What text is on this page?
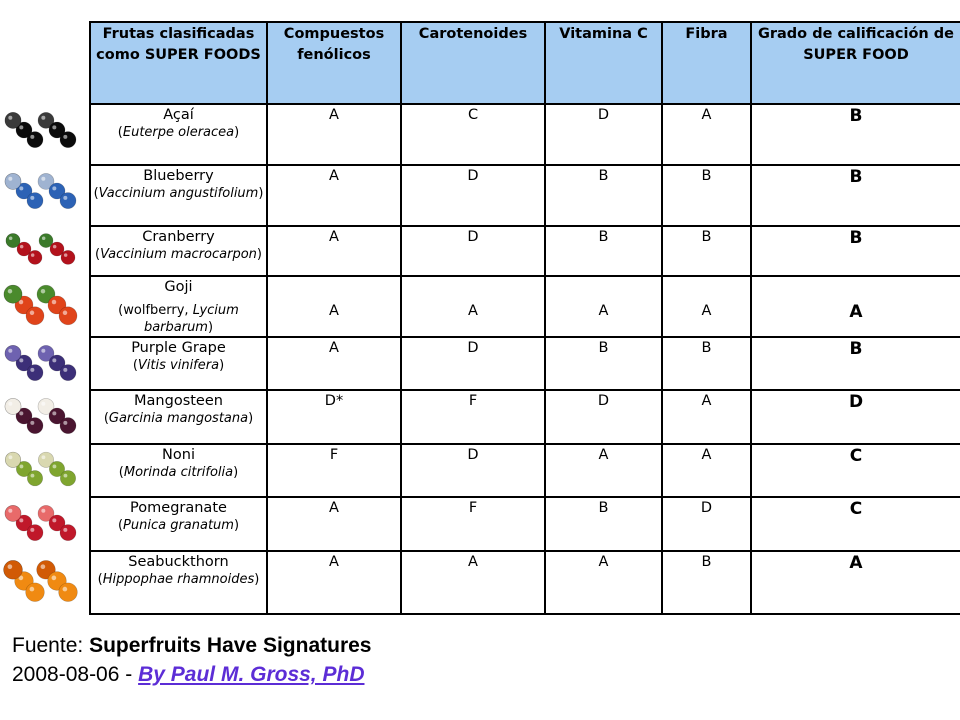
Frutas clasificadas como SUPER FOODS	Compuestos fenólicos	Carotenoides	Vitamina C	Fibra	Grado de calificación de SUPER FOOD

Açaí
(Euterpe oleracea)	A	C	D	A	B

Blueberry
(Vaccinium angustifolium)	A	D	B	B	B

Cranberry
(Vaccinium macrocarpon)	A	D	B	B	B

Goji
(wolfberry, Lycium barbarum)	A	A	A	A	A

Purple Grape
(Vitis vinifera)	A	D	B	B	B

Mangosteen
(Garcinia mangostana)	D*	F	D	A	D

Noni
(Morinda citrifolia)	F	D	A	A	C

Pomegranate
(Punica granatum)	A	F	B	D	C

Seabuckthorn
(Hippophae rhamnoides)	A	A	A	B	A
Fuente: Superfruits Have Signatures
2008-08-06 - By Paul M. Gross, PhD
